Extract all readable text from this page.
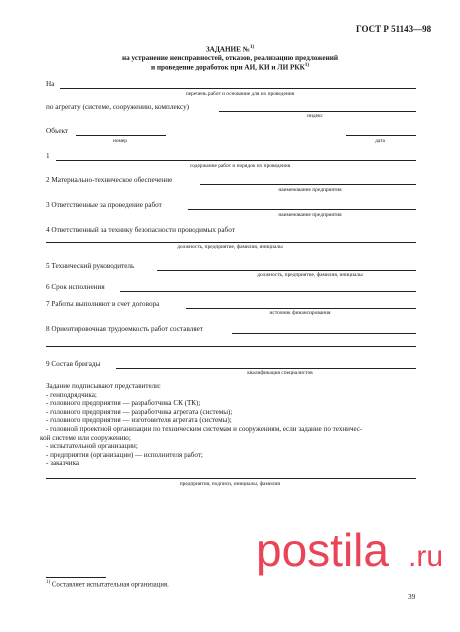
ГОСТ Р 51143—98
ЗАДАНИЕ №$^{1)}$
на устранение неисправностей, отказов, реализацию предложений
и проведение доработок при АИ, КИ и ЛИ РКК$^{1)}$
На
перечень работ и основание для их проведения
по агрегату (системе, сооружению, комплексу)
индекс
Объект
номер	дата
1
содержание работ и порядок их проведения
2 Материально-техническое обеспечение
наименование предприятия
3 Ответственные за проведение работ
наименование предприятия
4 Ответственный за технику безопасности проводимых работ
должность, предприятие, фамилия, инициалы
5 Технический руководитель
должность, предприятие, фамилия, инициалы
6 Срок исполнения
7 Работы выполняют в счет договора
источник финансирования
8 Ориентировочная трудоемкость работ составляет
9 Состав бригады
квалификация специалистов
Задание подписывают представители:
- генподрядчика;
- головного предприятия — разработчика СК (ТК);
- головного предприятия — разработчика агрегата (системы);
- головного предприятия — изготовителя агрегата (системы);
- головной проектной организации по техническим системам и сооружениям, если задание по техничес-
кой системе или сооружению;
- испытательной организации;
- предприятия (организации) — исполнителя работ;
- заказчика
предприятия, подписи, инициалы, фамилии
$^{1)}$ Составляет испытательная организация.
39
postila .ru
